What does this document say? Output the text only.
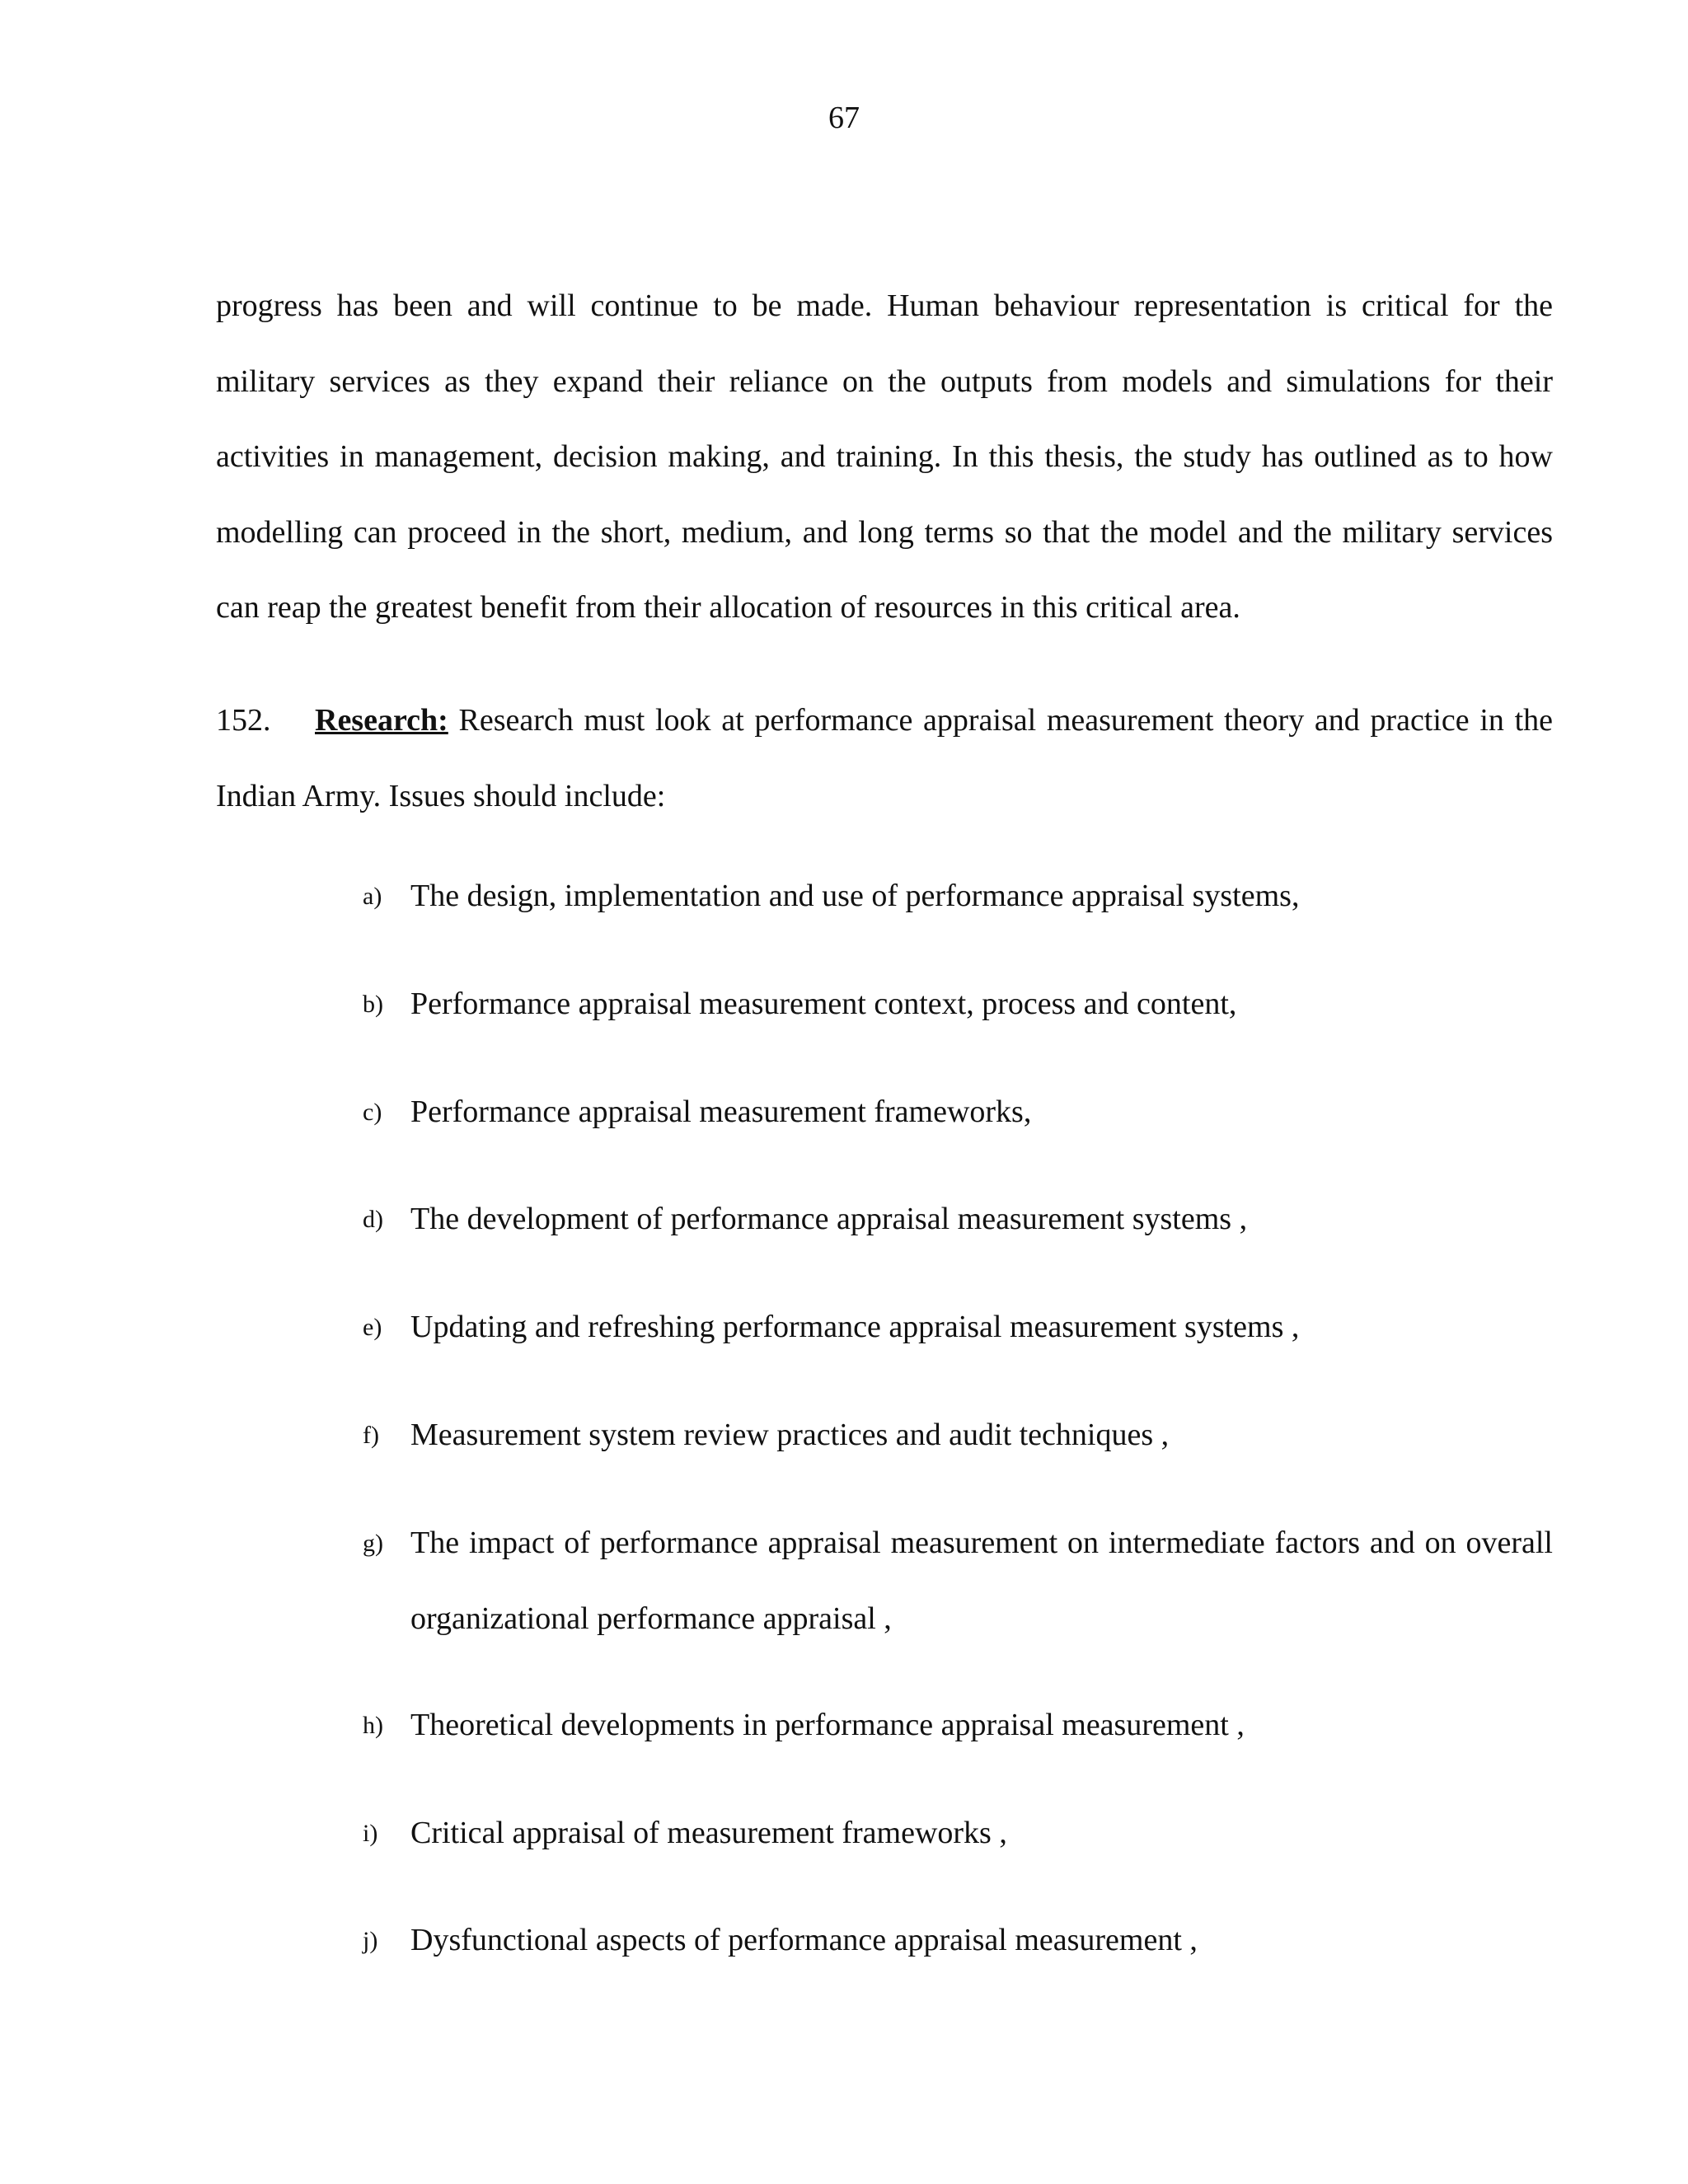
67

progress has been and will continue to be made. Human behaviour representation is critical for the military services as they expand their reliance on the outputs from models and simulations for their activities in management, decision making, and training. In this thesis, the study has outlined as to how modelling can proceed in the short, medium, and long terms so that the model and the military services can reap the greatest benefit from their allocation of resources in this critical area.

152. Research: Research must look at performance appraisal measurement theory and practice in the Indian Army. Issues should include:

a) The design, implementation and use of performance appraisal systems,
b) Performance appraisal measurement context, process and content,
c) Performance appraisal measurement frameworks,
d) The development of performance appraisal measurement systems ,
e) Updating and refreshing performance appraisal measurement systems ,
f) Measurement system review practices and audit techniques ,
g) The impact of performance appraisal measurement on intermediate factors and on overall organizational performance appraisal ,
h) Theoretical developments in performance appraisal measurement ,
i) Critical appraisal of measurement frameworks ,
j) Dysfunctional aspects of performance appraisal measurement ,
